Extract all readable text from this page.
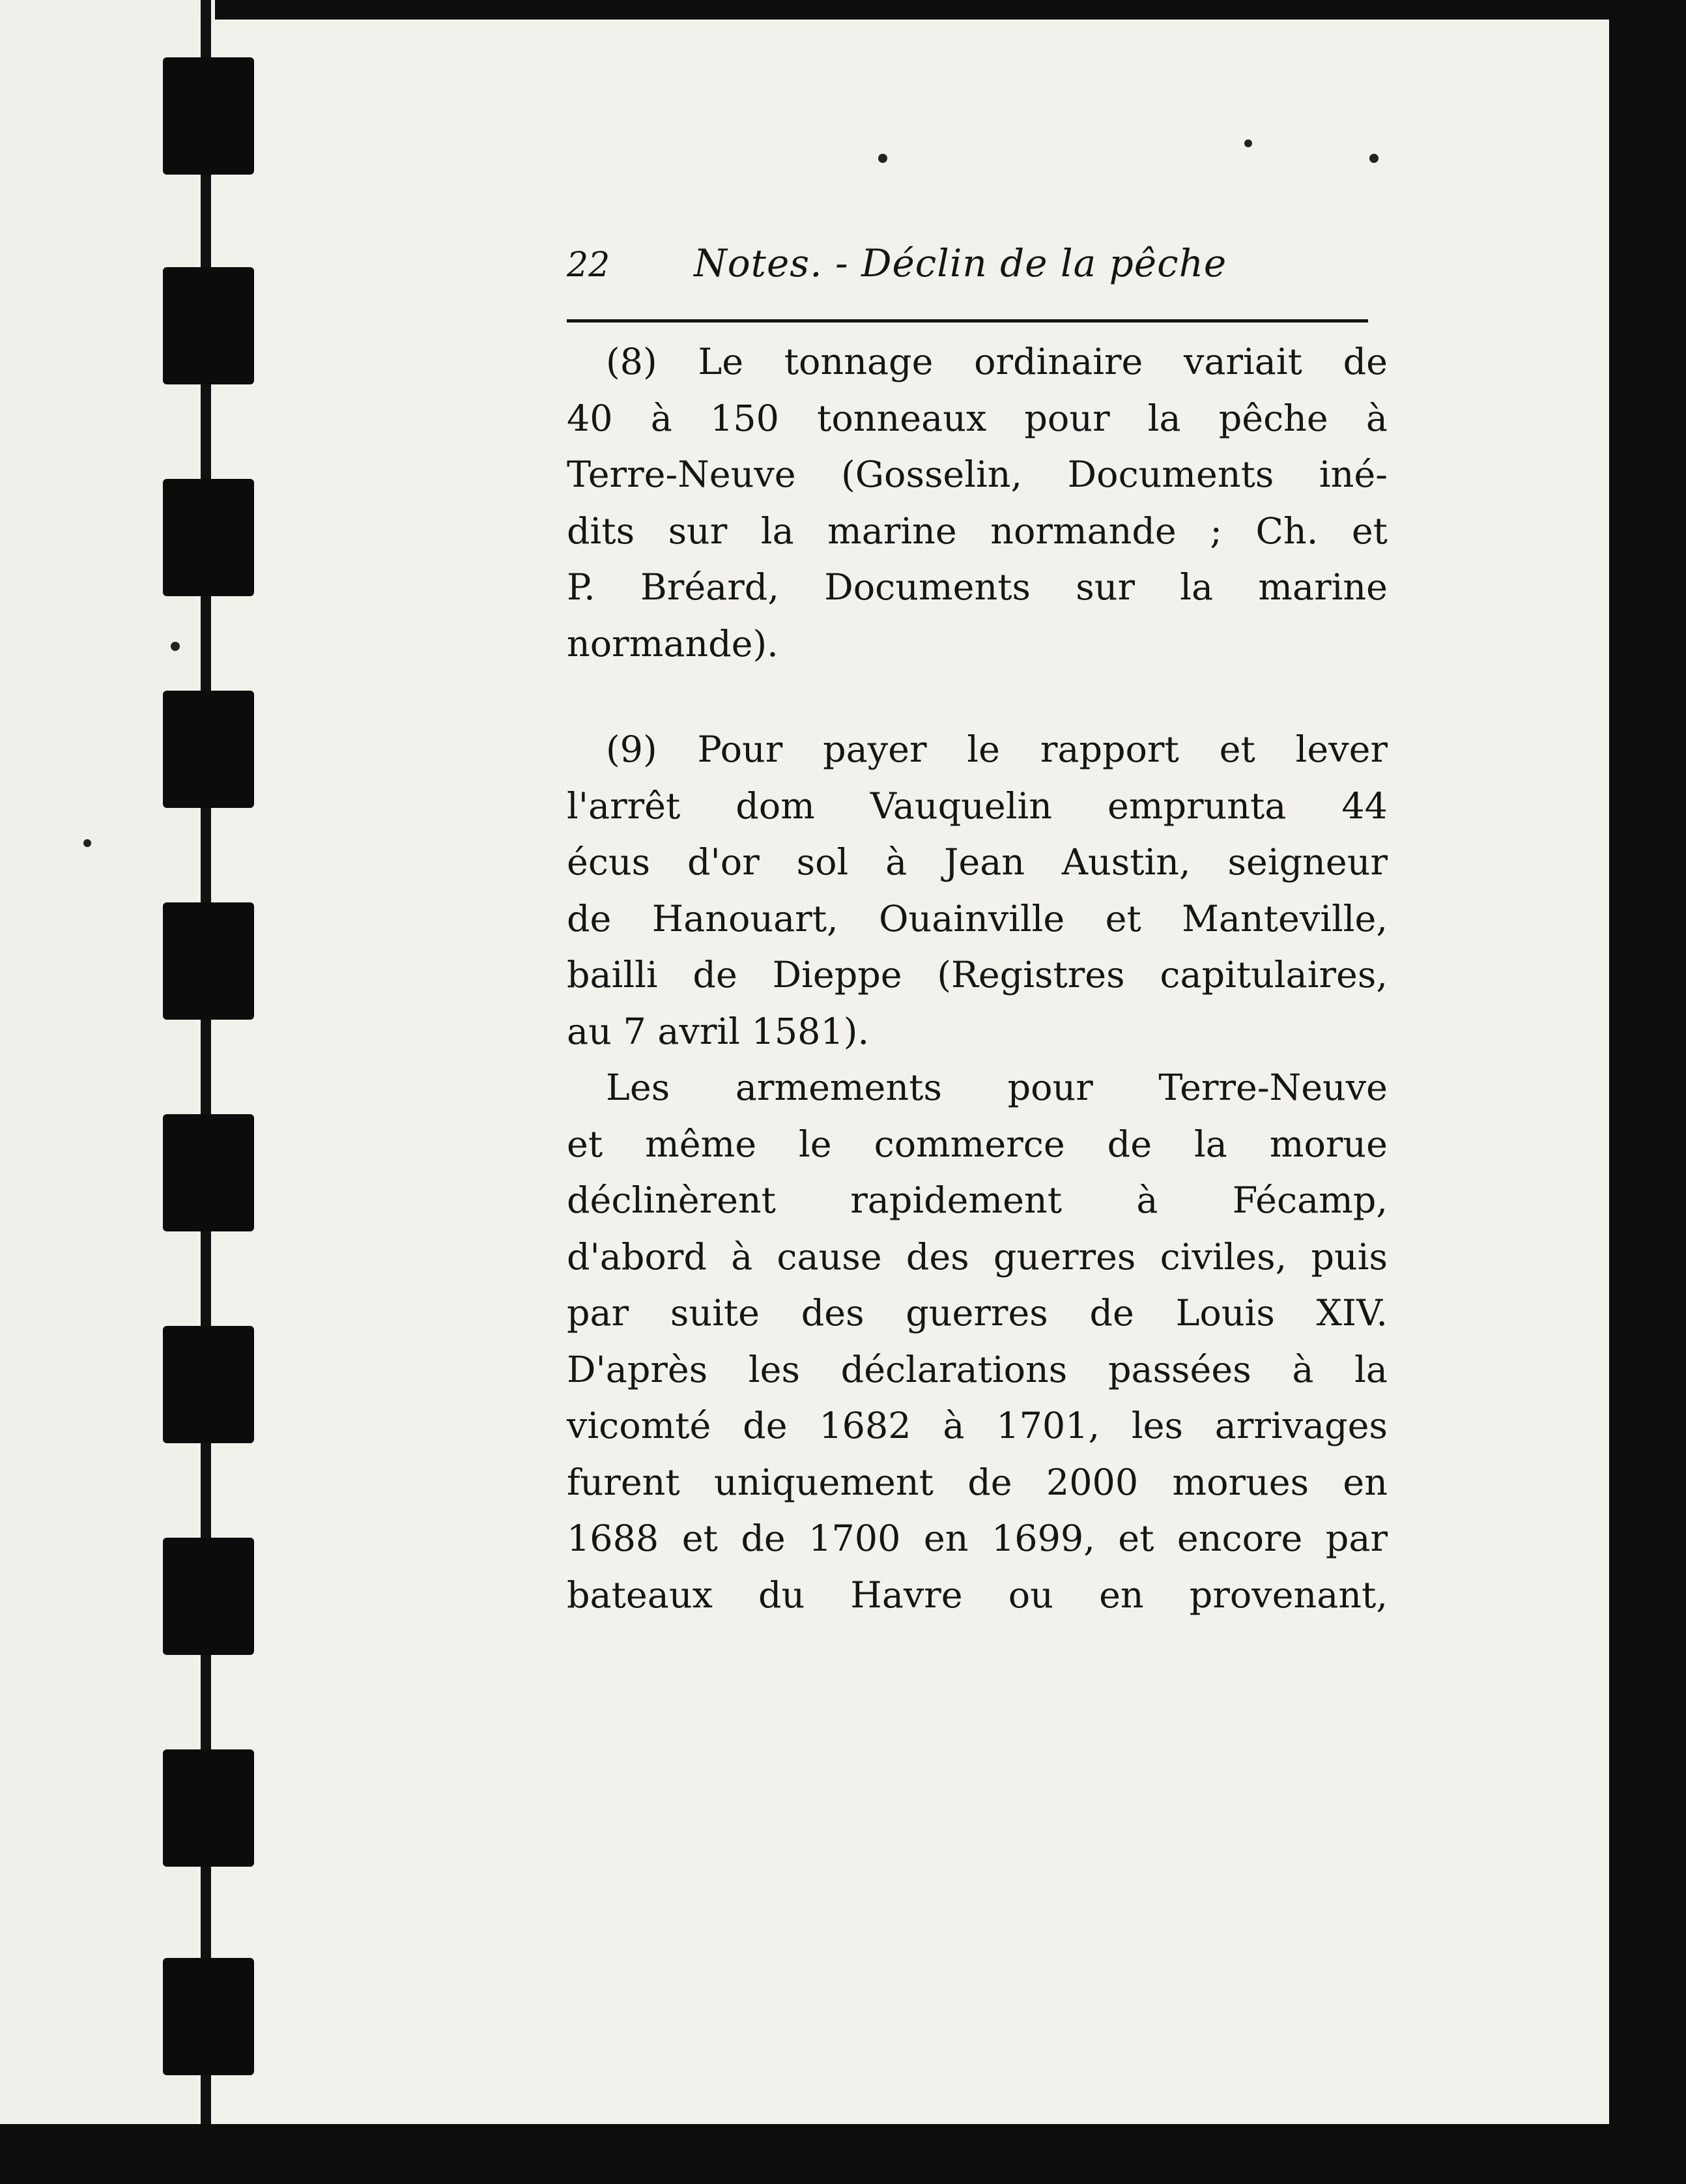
22	Notes. - Déclin de la pêche

(8) Le tonnage ordinaire variait de
40 à 150 tonneaux pour la pêche à
Terre-Neuve (Gosselin, Documents iné-
dits sur la marine normande ; Ch. et
P. Bréard, Documents sur la marine
normande).

(9) Pour payer le rapport et lever
l'arrêt dom Vauquelin emprunta 44
écus d'or sol à Jean Austin, seigneur
de Hanouart, Ouainville et Manteville,
bailli de Dieppe (Registres capitulaires,
au 7 avril 1581).

Les armements pour Terre-Neuve
et même le commerce de la morue
déclinèrent rapidement à Fécamp,
d'abord à cause des guerres civiles, puis
par suite des guerres de Louis XIV.
D'après les déclarations passées à la
vicomté de 1682 à 1701, les arrivages
furent uniquement de 2000 morues en
1688 et de 1700 en 1699, et encore par
bateaux du Havre ou en provenant,
